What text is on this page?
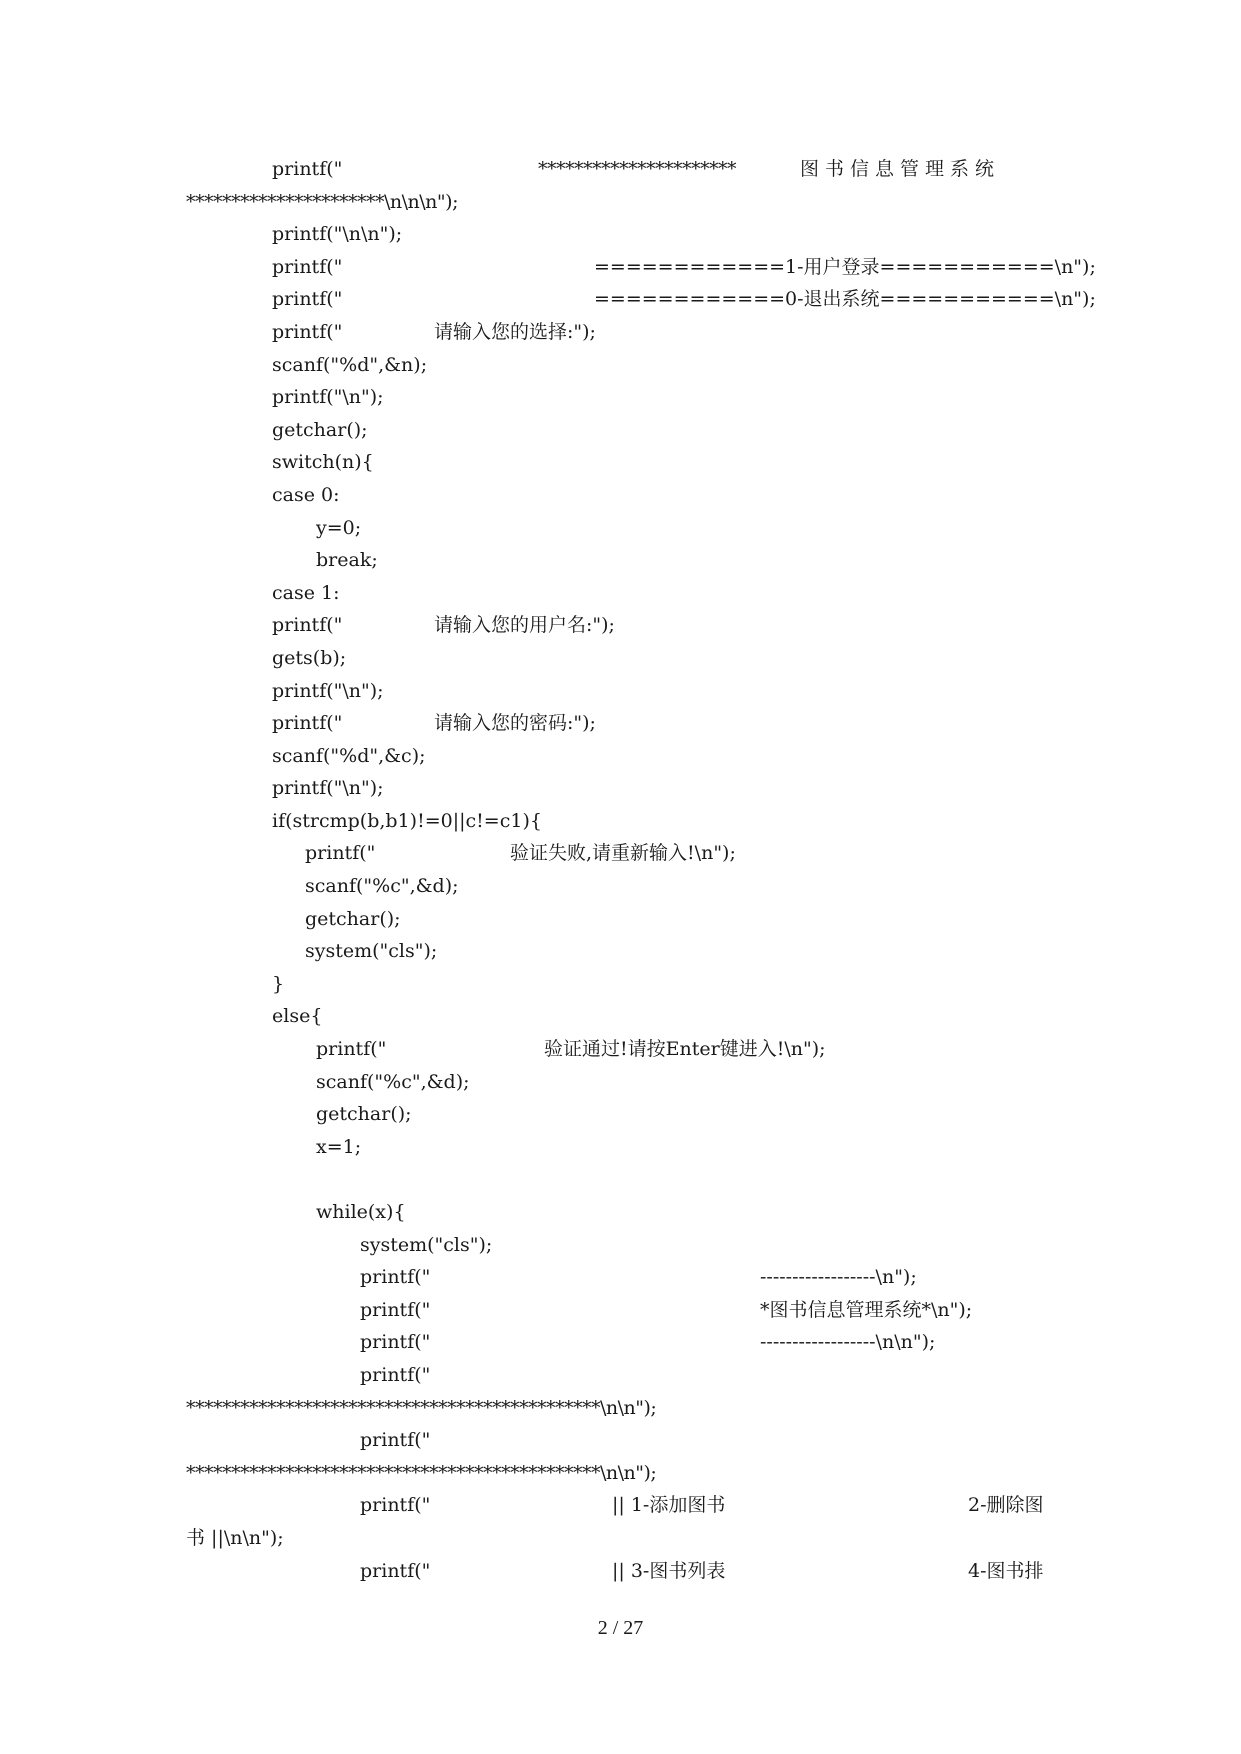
printf("	**********************	图书信息管理系统
**********************\n\n\n");
printf("\n\n");
printf("	============1-用户登录===========\n");
printf("	============0-退出系统===========\n");
printf("	请输入您的选择:");
scanf("%d",&n);
printf("\n");
getchar();
switch(n){
case 0:
y=0;
break;
case 1:
printf("	请输入您的用户名:");
gets(b);
printf("\n");
printf("	请输入您的密码:");
scanf("%d",&c);
printf("\n");
if(strcmp(b,b1)!=0||c!=c1){
printf("	验证失败,请重新输入!\n");
scanf("%c",&d);
getchar();
system("cls");
}
else{
printf("	验证通过!请按Enter键进入!\n");
scanf("%c",&d);
getchar();
x=1;
while(x){
system("cls");
printf("	------------------\n");
printf("	*图书信息管理系统*\n");
printf("	------------------\n\n");
printf("
**********************************************\n\n");
printf("
**********************************************\n\n");
printf("	|| 1-添加图书	2-删除图
书 ||\n\n");
printf("	|| 3-图书列表	4-图书排
2 / 27
